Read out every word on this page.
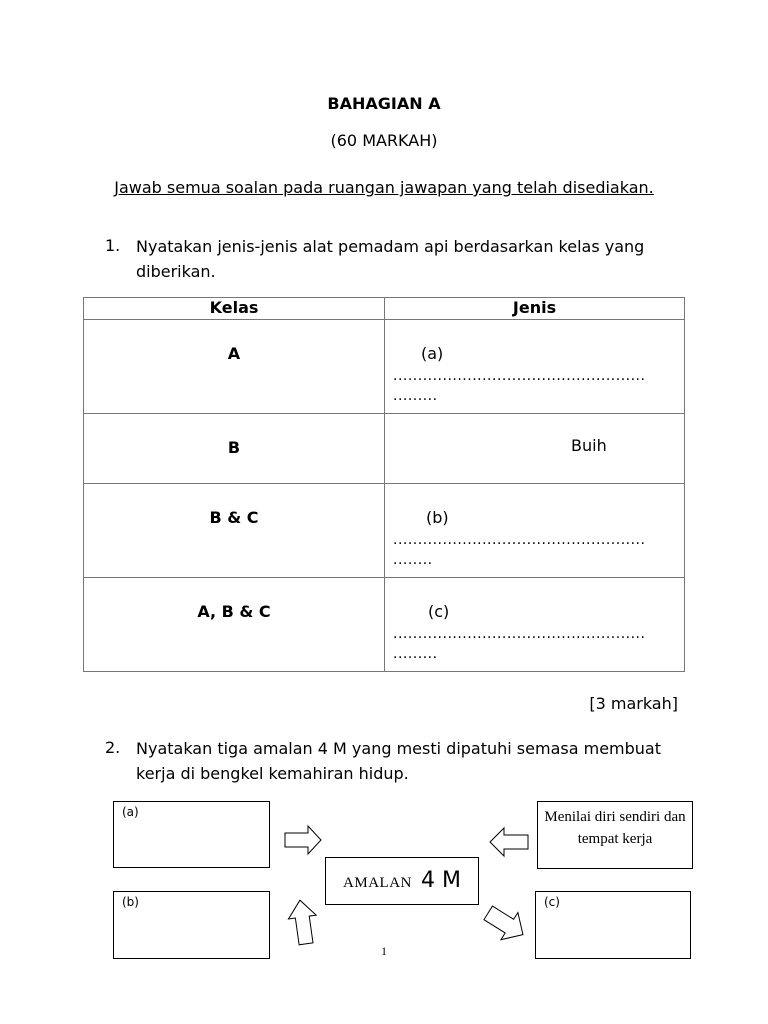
BAHAGIAN A
(60 MARKAH)
Jawab semua soalan pada ruangan jawapan yang telah disediakan.
1. Nyatakan jenis-jenis alat pemadam api berdasarkan kelas yang diberikan.
Kelas	Jenis
A	(a)
...................................................
.........

B	Buih

B & C	(b)
...................................................
........

A, B & C	(c)
...................................................
.........
[3 markah]
2. Nyatakan tiga amalan 4 M yang mesti dipatuhi semasa membuat kerja di bengkel kemahiran hidup.
(a)
(b)	(c)
Menilai diri sendiri dan tempat kerja
AMALAN 4 M
1
